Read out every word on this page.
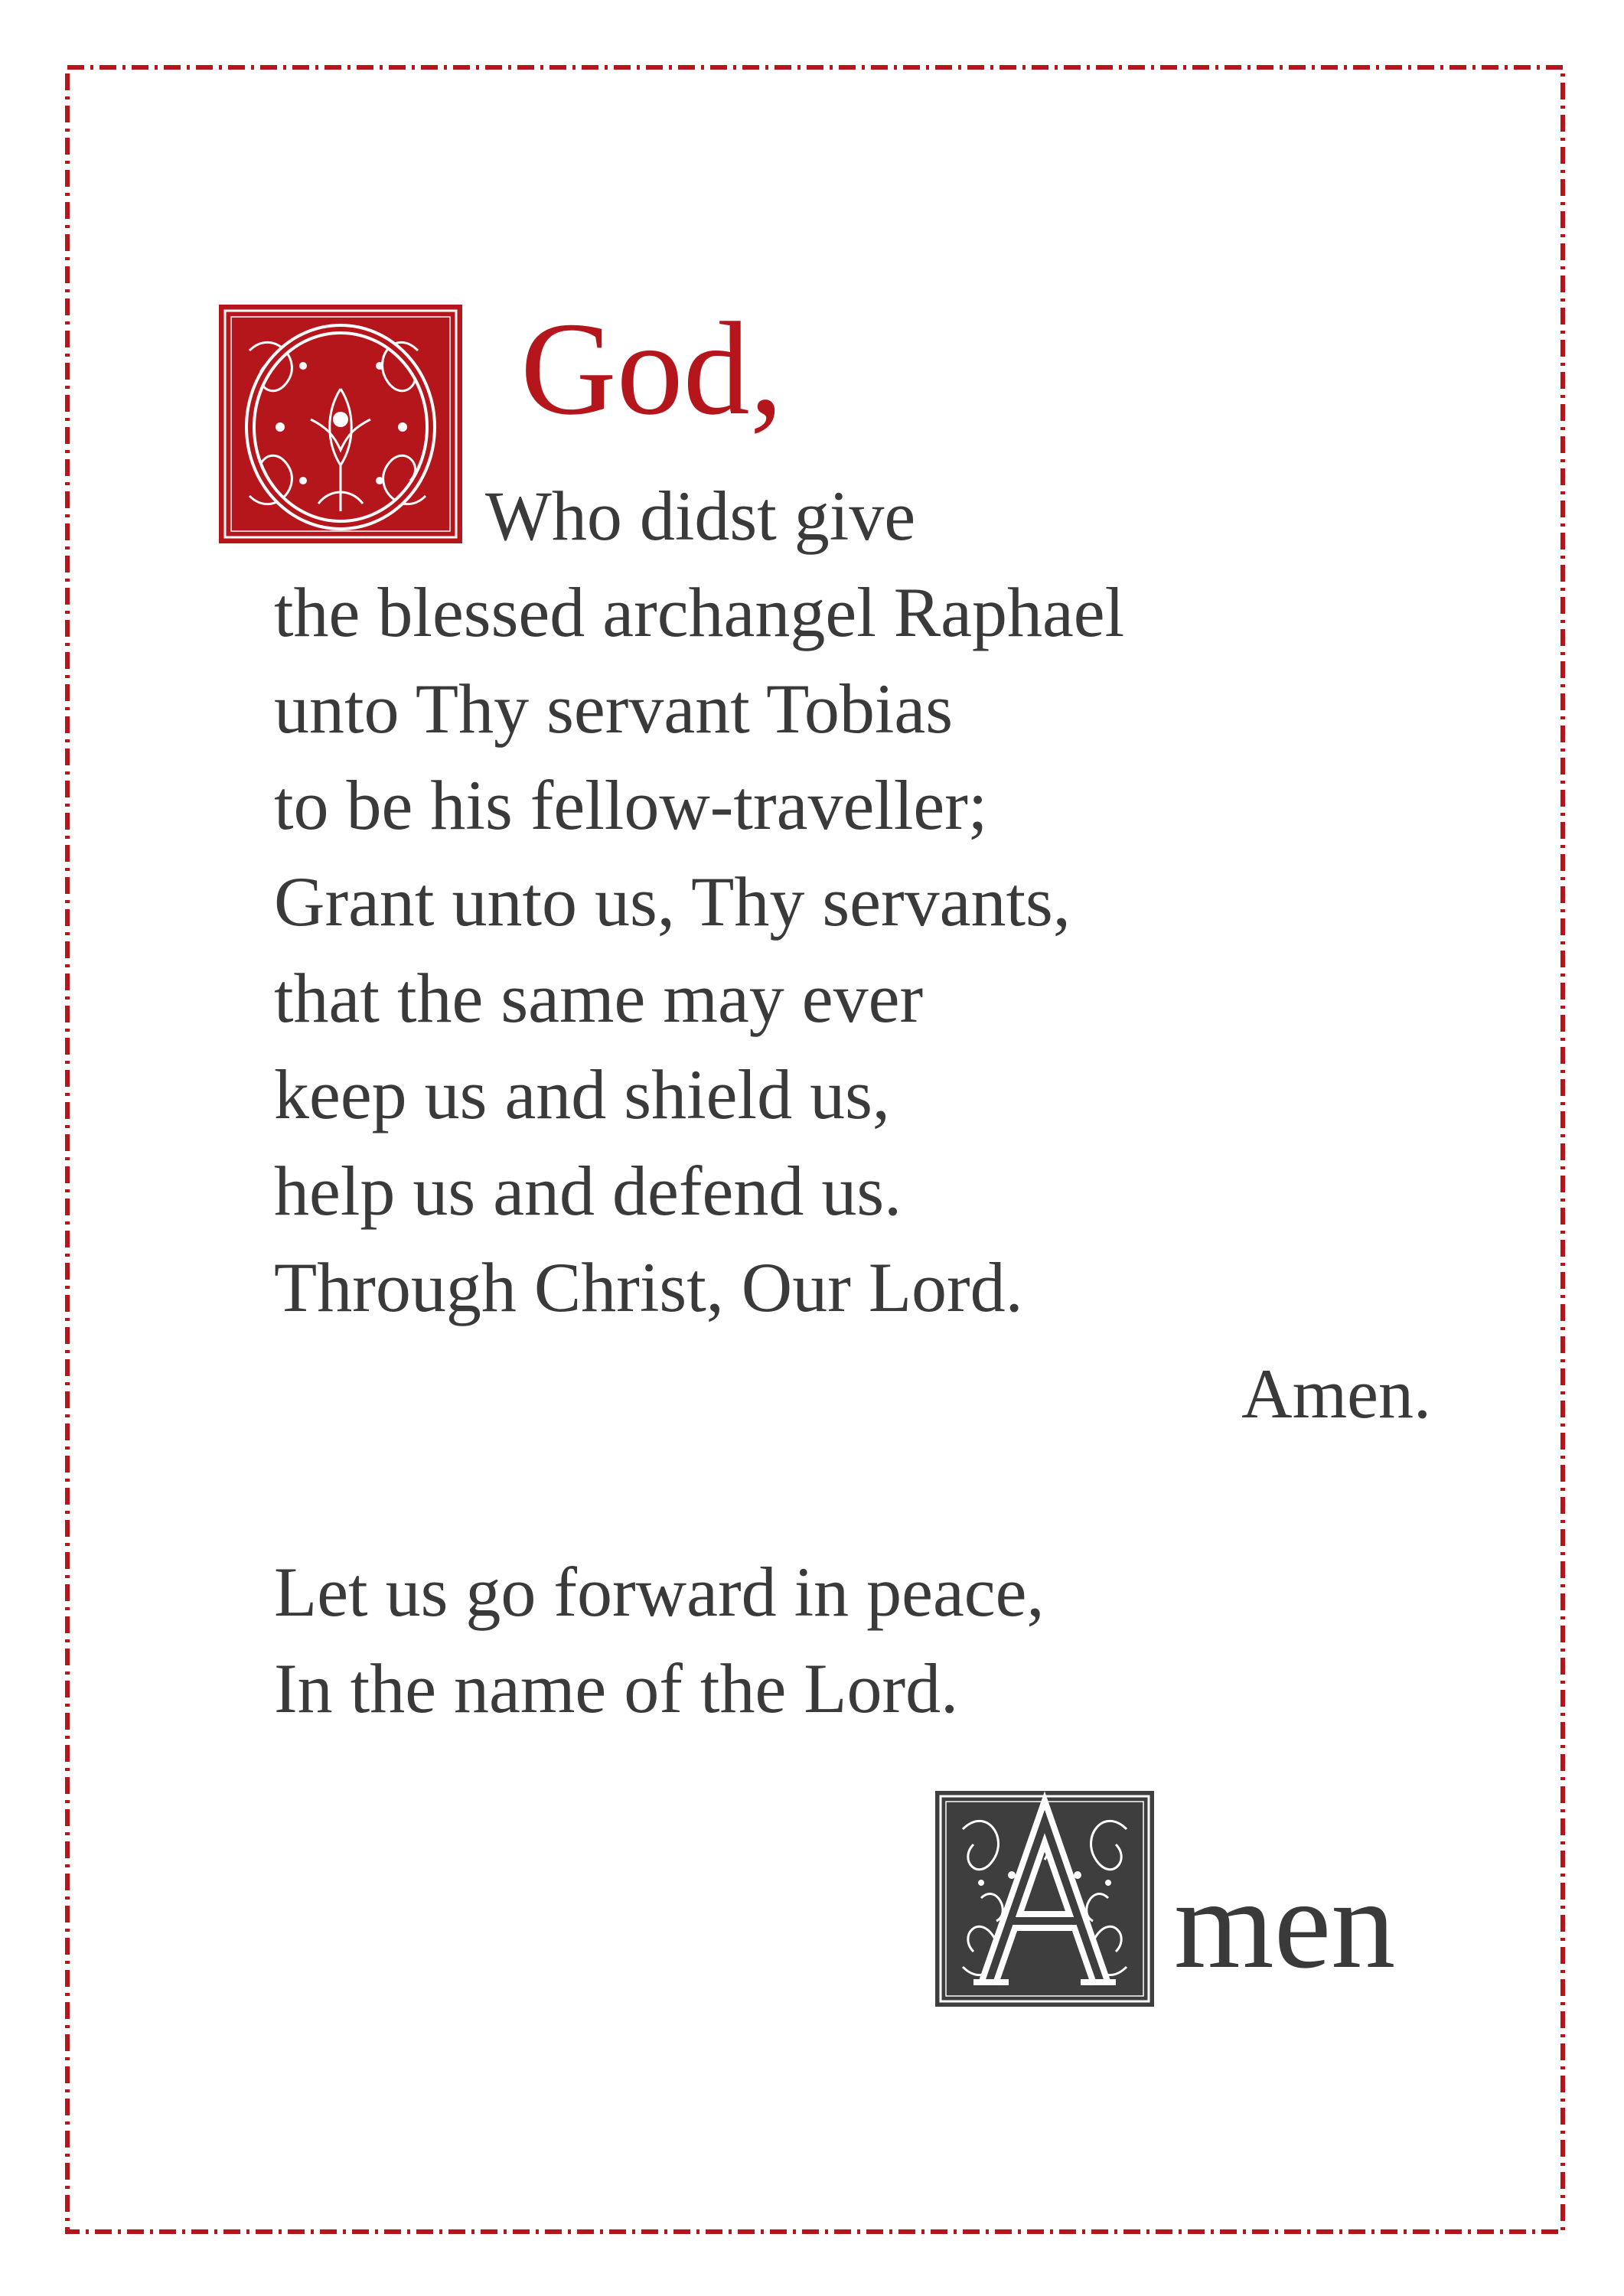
God,
Who didst give
the blessed archangel Raphael
unto Thy servant Tobias
to be his fellow-traveller;
Grant unto us, Thy servants,
that the same may ever
keep us and shield us,
help us and defend us.
Through Christ, Our Lord.
Amen.
Let us go forward in peace,
In the name of the Lord.
men
